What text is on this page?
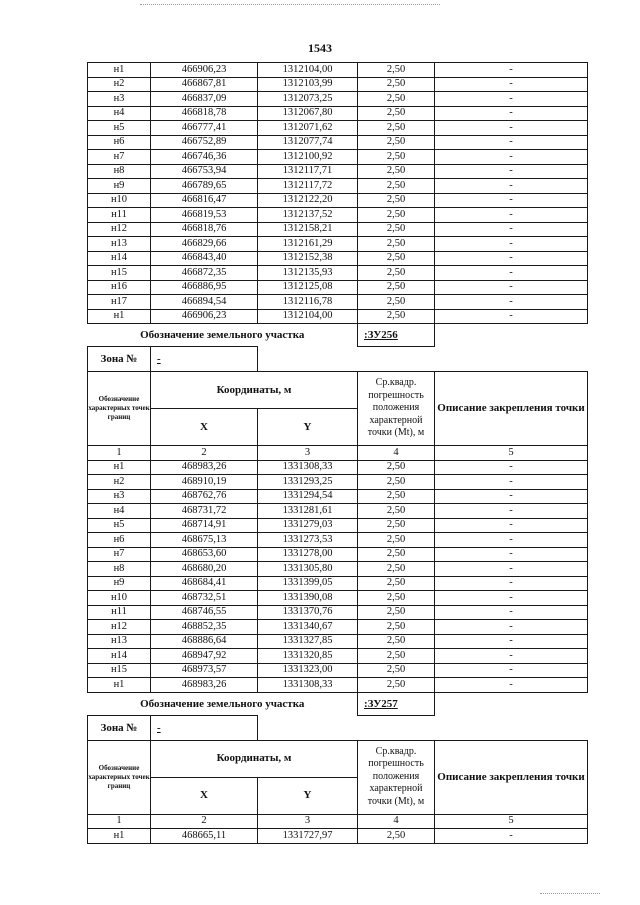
1543
н1	466906,23	1312104,00	2,50	-
н2	466867,81	1312103,99	2,50	-
н3	466837,09	1312073,25	2,50	-
н4	466818,78	1312067,80	2,50	-
н5	466777,41	1312071,62	2,50	-
н6	466752,89	1312077,74	2,50	-
н7	466746,36	1312100,92	2,50	-
н8	466753,94	1312117,71	2,50	-
н9	466789,65	1312117,72	2,50	-
н10	466816,47	1312122,20	2,50	-
н11	466819,53	1312137,52	2,50	-
н12	466818,76	1312158,21	2,50	-
н13	466829,66	1312161,29	2,50	-
н14	466843,40	1312152,38	2,50	-
н15	466872,35	1312135,93	2,50	-
н16	466886,95	1312125,08	2,50	-
н17	466894,54	1312116,78	2,50	-
н1	466906,23	1312104,00	2,50	-
Обозначение земельного участка			:ЗУ256	
Зона №	-			
Обозначение характерных точек границ	Координаты, м		Ср.квадр. погрешность положения характерной точки (Mt), м	Описание закрепления точки
	X	Y		
1	2	3	4	5
н1	468983,26	1331308,33	2,50	-
н2	468910,19	1331293,25	2,50	-
н3	468762,76	1331294,54	2,50	-
н4	468731,72	1331281,61	2,50	-
н5	468714,91	1331279,03	2,50	-
н6	468675,13	1331273,53	2,50	-
н7	468653,60	1331278,00	2,50	-
н8	468680,20	1331305,80	2,50	-
н9	468684,41	1331399,05	2,50	-
н10	468732,51	1331390,08	2,50	-
н11	468746,55	1331370,76	2,50	-
н12	468852,35	1331340,67	2,50	-
н13	468886,64	1331327,85	2,50	-
н14	468947,92	1331320,85	2,50	-
н15	468973,57	1331323,00	2,50	-
н1	468983,26	1331308,33	2,50	-
Обозначение земельного участка			:ЗУ257	
Зона №	-			
Обозначение характерных точек границ	Координаты, м		Ср.квадр. погрешность положения характерной точки (Mt), м	Описание закрепления точки
	X	Y		
1	2	3	4	5
н1	468665,11	1331727,97	2,50	-
